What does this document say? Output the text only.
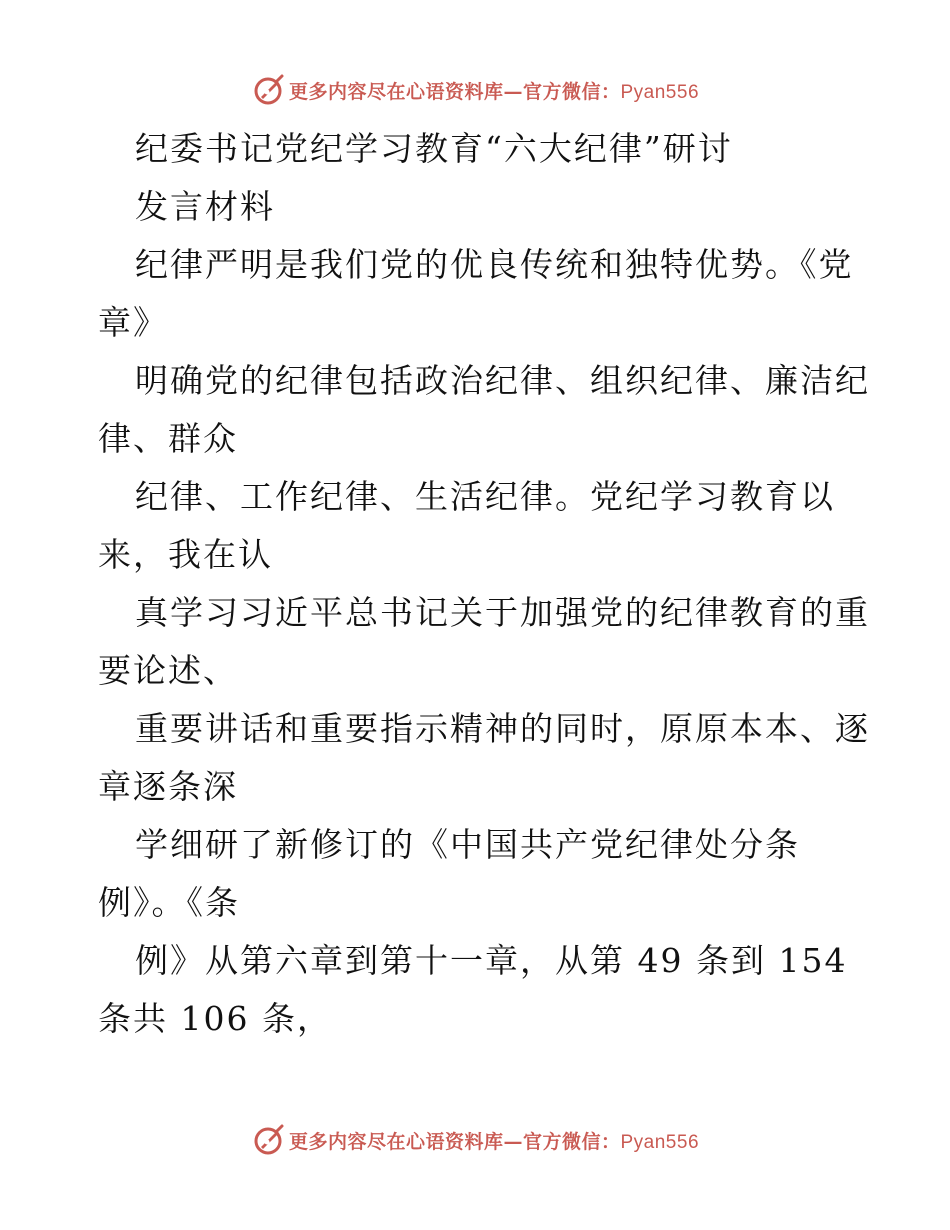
更多内容尽在心语资料库—官方微信：Pyan556
纪委书记党纪学习教育“六大纪律”研讨
发言材料
纪律严明是我们党的优良传统和独特优势。《党
章》
明确党的纪律包括政治纪律、组织纪律、廉洁纪
律、群众
纪律、工作纪律、生活纪律。党纪学习教育以
来，我在认
真学习习近平总书记关于加强党的纪律教育的重
要论述、
重要讲话和重要指示精神的同时，原原本本、逐
章逐条深
学细研了新修订的《中国共产党纪律处分条
例》。《条
例》从第六章到第十一章，从第 49 条到 154
条共 106 条，
更多内容尽在心语资料库—官方微信：Pyan556
